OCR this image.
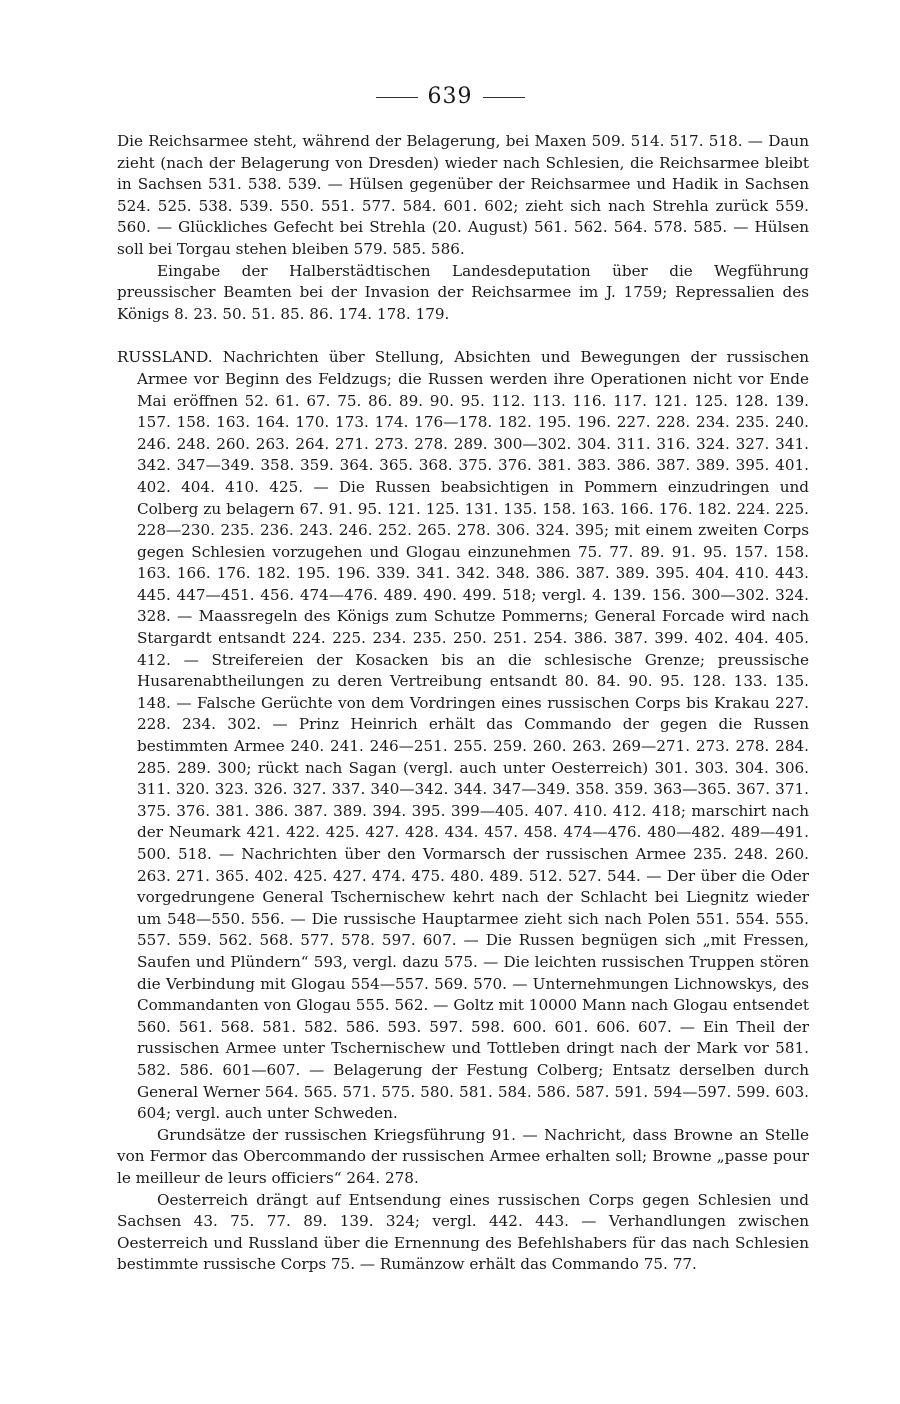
639

Die Reichsarmee steht, während der Belagerung, bei Maxen 509. 514. 517. 518. — Daun zieht (nach der Belagerung von Dresden) wieder nach Schlesien, die Reichsarmee bleibt in Sachsen 531. 538. 539. — Hülsen gegenüber der Reichsarmee und Hadik in Sachsen 524. 525. 538. 539. 550. 551. 577. 584. 601. 602; zieht sich nach Strehla zurück 559. 560. — Glückliches Gefecht bei Strehla (20. August) 561. 562. 564. 578. 585. — Hülsen soll bei Torgau stehen bleiben 579. 585. 586.

Eingabe der Halberstädtischen Landesdeputation über die Wegführung preussischer Beamten bei der Invasion der Reichsarmee im J. 1759; Repressalien des Königs 8. 23. 50. 51. 85. 86. 174. 178. 179.

RUSSLAND. Nachrichten über Stellung, Absichten und Bewegungen der russischen Armee vor Beginn des Feldzugs; die Russen werden ihre Operationen nicht vor Ende Mai eröffnen 52. 61. 67. 75. 86. 89. 90. 95. 112. 113. 116. 117. 121. 125. 128. 139. 157. 158. 163. 164. 170. 173. 174. 176—178. 182. 195. 196. 227. 228. 234. 235. 240. 246. 248. 260. 263. 264. 271. 273. 278. 289. 300—302. 304. 311. 316. 324. 327. 341. 342. 347—349. 358. 359. 364. 365. 368. 375. 376. 381. 383. 386. 387. 389. 395. 401. 402. 404. 410. 425. — Die Russen beabsichtigen in Pommern einzudringen und Colberg zu belagern 67. 91. 95. 121. 125. 131. 135. 158. 163. 166. 176. 182. 224. 225. 228—230. 235. 236. 243. 246. 252. 265. 278. 306. 324. 395; mit einem zweiten Corps gegen Schlesien vorzugehen und Glogau einzunehmen 75. 77. 89. 91. 95. 157. 158. 163. 166. 176. 182. 195. 196. 339. 341. 342. 348. 386. 387. 389. 395. 404. 410. 443. 445. 447—451. 456. 474—476. 489. 490. 499. 518; vergl. 4. 139. 156. 300—302. 324. 328. — Maassregeln des Königs zum Schutze Pommerns; General Forcade wird nach Stargardt entsandt 224. 225. 234. 235. 250. 251. 254. 386. 387. 399. 402. 404. 405. 412. — Streifereien der Kosacken bis an die schlesische Grenze; preussische Husarenabtheilungen zu deren Vertreibung entsandt 80. 84. 90. 95. 128. 133. 135. 148. — Falsche Gerüchte von dem Vordringen eines russischen Corps bis Krakau 227. 228. 234. 302. — Prinz Heinrich erhält das Commando der gegen die Russen bestimmten Armee 240. 241. 246—251. 255. 259. 260. 263. 269—271. 273. 278. 284. 285. 289. 300; rückt nach Sagan (vergl. auch unter Oesterreich) 301. 303. 304. 306. 311. 320. 323. 326. 327. 337. 340—342. 344. 347—349. 358. 359. 363—365. 367. 371. 375. 376. 381. 386. 387. 389. 394. 395. 399—405. 407. 410. 412. 418; marschirt nach der Neumark 421. 422. 425. 427. 428. 434. 457. 458. 474—476. 480—482. 489—491. 500. 518. — Nachrichten über den Vormarsch der russischen Armee 235. 248. 260. 263. 271. 365. 402. 425. 427. 474. 475. 480. 489. 512. 527. 544. — Der über die Oder vorgedrungene General Tschernischew kehrt nach der Schlacht bei Liegnitz wieder um 548—550. 556. — Die russische Hauptarmee zieht sich nach Polen 551. 554. 555. 557. 559. 562. 568. 577. 578. 597. 607. — Die Russen begnügen sich „mit Fressen, Saufen und Plündern“ 593, vergl. dazu 575. — Die leichten russischen Truppen stören die Verbindung mit Glogau 554—557. 569. 570. — Unternehmungen Lichnowskys, des Commandanten von Glogau 555. 562. — Goltz mit 10000 Mann nach Glogau entsendet 560. 561. 568. 581. 582. 586. 593. 597. 598. 600. 601. 606. 607. — Ein Theil der russischen Armee unter Tschernischew und Tottleben dringt nach der Mark vor 581. 582. 586. 601—607. — Belagerung der Festung Colberg; Entsatz derselben durch General Werner 564. 565. 571. 575. 580. 581. 584. 586. 587. 591. 594—597. 599. 603. 604; vergl. auch unter Schweden.

Grundsätze der russischen Kriegsführung 91. — Nachricht, dass Browne an Stelle von Fermor das Obercommando der russischen Armee erhalten soll; Browne „passe pour le meilleur de leurs officiers“ 264. 278.

Oesterreich drängt auf Entsendung eines russischen Corps gegen Schlesien und Sachsen 43. 75. 77. 89. 139. 324; vergl. 442. 443. — Verhandlungen zwischen Oesterreich und Russland über die Ernennung des Befehlshabers für das nach Schlesien bestimmte russische Corps 75. — Rumänzow erhält das Commando 75. 77.
